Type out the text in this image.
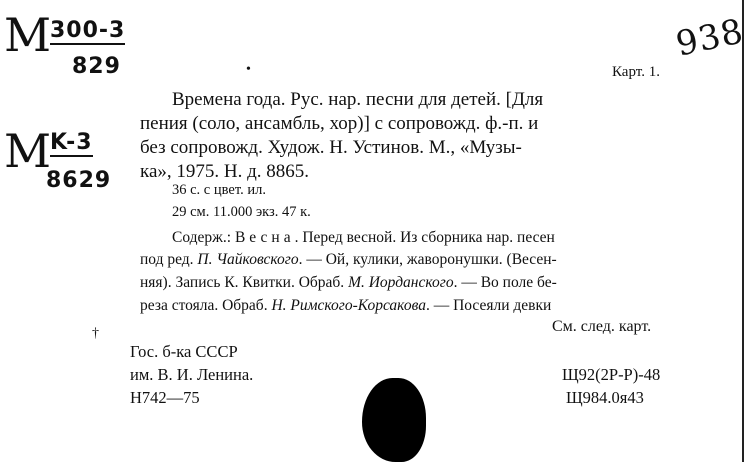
M
300-3
829
M
K-3
8629
938
•
†
Карт. 1.
Времена года. Рус. нар. песни для детей. [Для
пения (соло, ансамбль, хор)] с сопровожд. ф.-п. и
без сопровожд. Худож. Н. Устинов. М., «Музы-
ка», 1975. Н. д. 8865.
36 с. с цвет. ил.
29 см. 11.000 экз. 47 к.
Содерж.: Весна. Перед весной. Из сборника нар. песен
под ред. П. Чайковского. — Ой, кулики, жаворонушки. (Весен-
няя). Запись К. Квитки. Обраб. М. Иорданского. — Во поле бе-
реза стояла. Обраб. Н. Римского-Корсакова. — Посеяли девки
См. след. карт.
Гос. б-ка СССР
им. В. И. Ленина.
Н742—75
Щ92(2Р-Р)-48
Щ984.0я43
